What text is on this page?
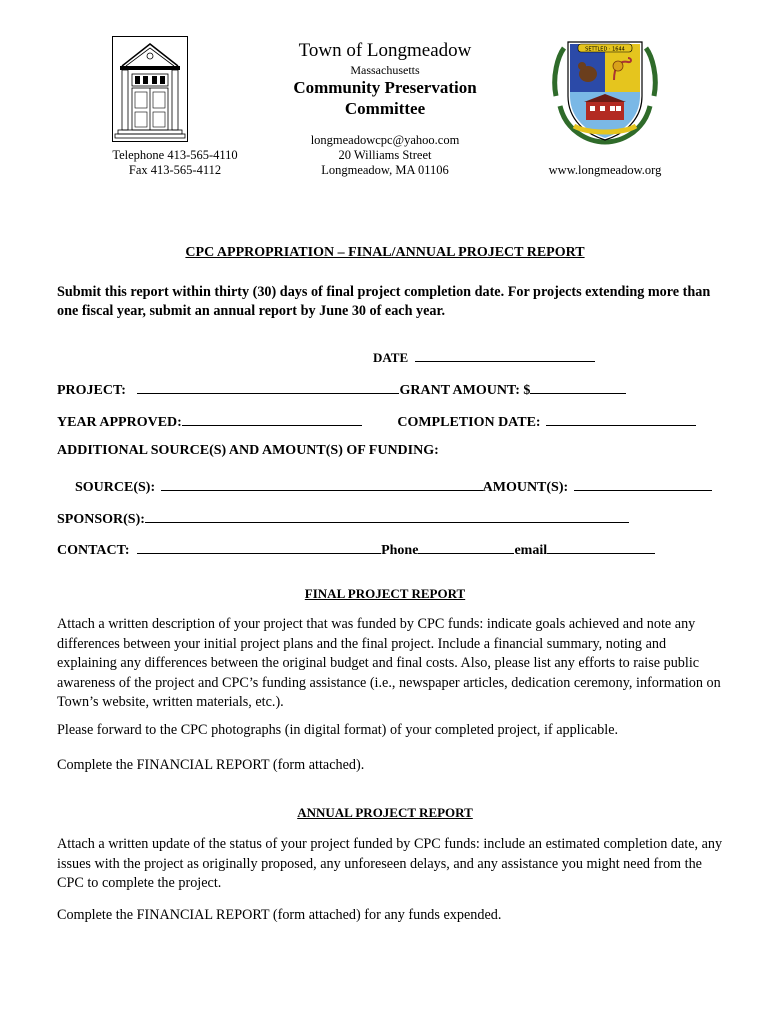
Town of Longmeadow
Massachusetts
Community Preservation
Committee
longmeadowcpc@yahoo.com
20 Williams Street
Longmeadow, MA 01106
Telephone 413-565-4110
Fax 413-565-4112
SETTLED · 1644
www.longmeadow.org
CPC APPROPRIATION – FINAL/ANNUAL PROJECT REPORT
Submit this report within thirty (30) days of final project completion date. For projects extending more than one fiscal year, submit an annual report by June 30 of each year.
DATE
PROJECT:	GRANT AMOUNT: $
YEAR APPROVED:	COMPLETION DATE:
ADDITIONAL SOURCE(S) AND AMOUNT(S) OF FUNDING:
SOURCE(S):	AMOUNT(S):
SPONSOR(S):
CONTACT:	Phone	email
FINAL PROJECT REPORT
Attach a written description of your project that was funded by CPC funds: indicate goals achieved and note any differences between your initial project plans and the final project. Include a financial summary, noting and explaining any differences between the original budget and final costs. Also, please list any efforts to raise public awareness of the project and CPC’s funding assistance (i.e., newspaper articles, dedication ceremony, information on Town’s website, written materials, etc.).
Please forward to the CPC photographs (in digital format) of your completed project, if applicable.
Complete the FINANCIAL REPORT (form attached).
ANNUAL PROJECT REPORT
Attach a written update of the status of your project funded by CPC funds: include an estimated completion date, any issues with the project as originally proposed, any unforeseen delays, and any assistance you might need from the CPC to complete the project.
Complete the FINANCIAL REPORT (form attached) for any funds expended.
